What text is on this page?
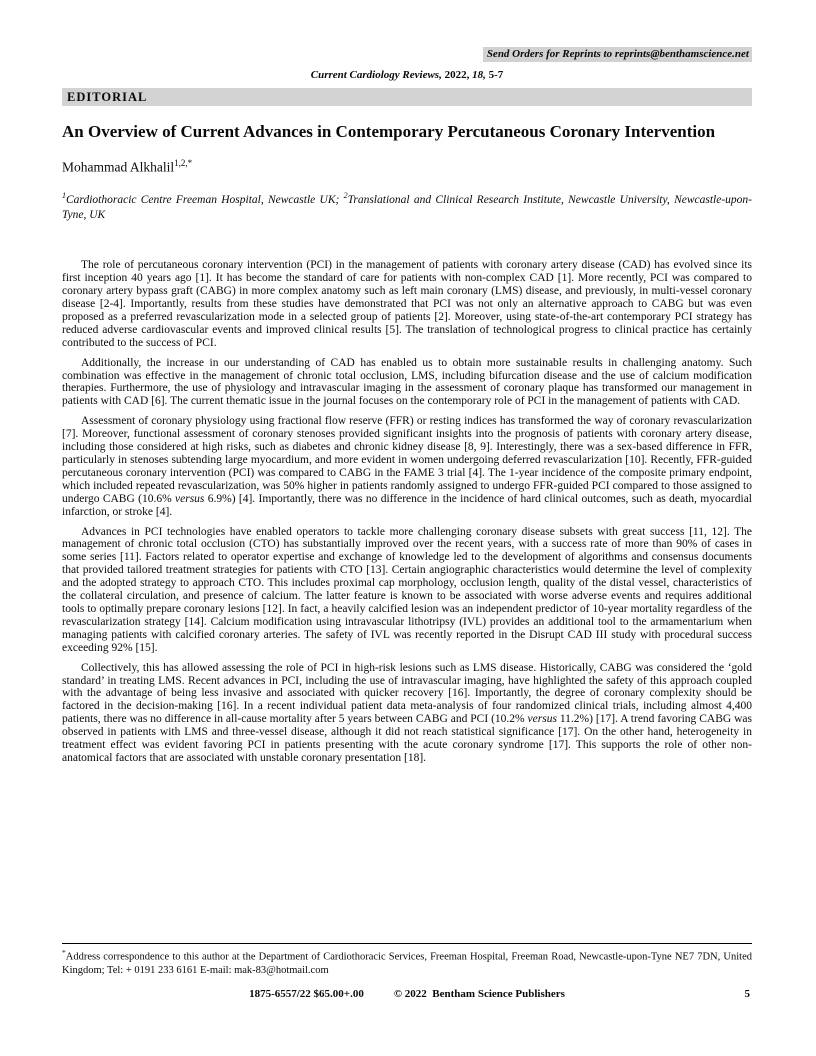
Send Orders for Reprints to reprints@benthamscience.net
Current Cardiology Reviews, 2022, 18, 5-7
EDITORIAL
An Overview of Current Advances in Contemporary Percutaneous Coronary Intervention
Mohammad Alkhalil$^{1,2,*}$
$^1$Cardiothoracic Centre Freeman Hospital, Newcastle UK; $^2$Translational and Clinical Research Institute, Newcastle University, Newcastle-upon-Tyne, UK

The role of percutaneous coronary intervention (PCI) in the management of patients with coronary artery disease (CAD) has evolved since its first inception 40 years ago [1]. It has become the standard of care for patients with non-complex CAD [1]. More recently, PCI was compared to coronary artery bypass graft (CABG) in more complex anatomy such as left main coronary (LMS) disease, and previously, in multi-vessel coronary disease [2-4]. Importantly, results from these studies have demonstrated that PCI was not only an alternative approach to CABG but was even proposed as a preferred revascularization mode in a selected group of patients [2]. Moreover, using state-of-the-art contemporary PCI strategy has reduced adverse cardiovascular events and improved clinical results [5]. The translation of technological progress to clinical practice has certainly contributed to the success of PCI.

Additionally, the increase in our understanding of CAD has enabled us to obtain more sustainable results in challenging anatomy. Such combination was effective in the management of chronic total occlusion, LMS, including bifurcation disease and the use of calcium modification therapies. Furthermore, the use of physiology and intravascular imaging in the assessment of coronary plaque has transformed our management in patients with CAD [6]. The current thematic issue in the journal focuses on the contemporary role of PCI in the management of patients with CAD.

Assessment of coronary physiology using fractional flow reserve (FFR) or resting indices has transformed the way of coronary revascularization [7]. Moreover, functional assessment of coronary stenoses provided significant insights into the prognosis of patients with coronary artery disease, including those considered at high risks, such as diabetes and chronic kidney disease [8, 9]. Interestingly, there was a sex-based difference in FFR, particularly in stenoses subtending large myocardium, and more evident in women undergoing deferred revascularization [10]. Recently, FFR-guided percutaneous coronary intervention (PCI) was compared to CABG in the FAME 3 trial [4]. The 1-year incidence of the composite primary endpoint, which included repeated revascularization, was 50% higher in patients randomly assigned to undergo FFR-guided PCI compared to those assigned to undergo CABG (10.6% versus 6.9%) [4]. Importantly, there was no difference in the incidence of hard clinical outcomes, such as death, myocardial infarction, or stroke [4].

Advances in PCI technologies have enabled operators to tackle more challenging coronary disease subsets with great success [11, 12]. The management of chronic total occlusion (CTO) has substantially improved over the recent years, with a success rate of more than 90% of cases in some series [11]. Factors related to operator expertise and exchange of knowledge led to the development of algorithms and consensus documents that provided tailored treatment strategies for patients with CTO [13]. Certain angiographic characteristics would determine the level of complexity and the adopted strategy to approach CTO. This includes proximal cap morphology, occlusion length, quality of the distal vessel, characteristics of the collateral circulation, and presence of calcium. The latter feature is known to be associated with worse adverse events and requires additional tools to optimally prepare coronary lesions [12]. In fact, a heavily calcified lesion was an independent predictor of 10-year mortality regardless of the revascularization strategy [14]. Calcium modification using intravascular lithotripsy (IVL) provides an additional tool to the armamentarium when managing patients with calcified coronary arteries. The safety of IVL was recently reported in the Disrupt CAD III study with procedural success exceeding 92% [15].

Collectively, this has allowed assessing the role of PCI in high-risk lesions such as LMS disease. Historically, CABG was considered the ‘gold standard’ in treating LMS. Recent advances in PCI, including the use of intravascular imaging, have highlighted the safety of this approach coupled with the advantage of being less invasive and associated with quicker recovery [16]. Importantly, the degree of coronary complexity should be factored in the decision-making [16]. In a recent individual patient data meta-analysis of four randomized clinical trials, including almost 4,400 patients, there was no difference in all-cause mortality after 5 years between CABG and PCI (10.2% versus 11.2%) [17]. A trend favoring CABG was observed in patients with LMS and three-vessel disease, although it did not reach statistical significance [17]. On the other hand, heterogeneity in treatment effect was evident favoring PCI in patients presenting with the acute coronary syndrome [17]. This supports the role of other non-anatomical factors that are associated with unstable coronary presentation [18].

*Address correspondence to this author at the Department of Cardiothoracic Services, Freeman Hospital, Freeman Road, Newcastle-upon-Tyne NE7 7DN, United Kingdom; Tel: + 0191 233 6161 E-mail: mak-83@hotmail.com
1875-6557/22 $65.00+.00	© 2022  Bentham Science Publishers	5
